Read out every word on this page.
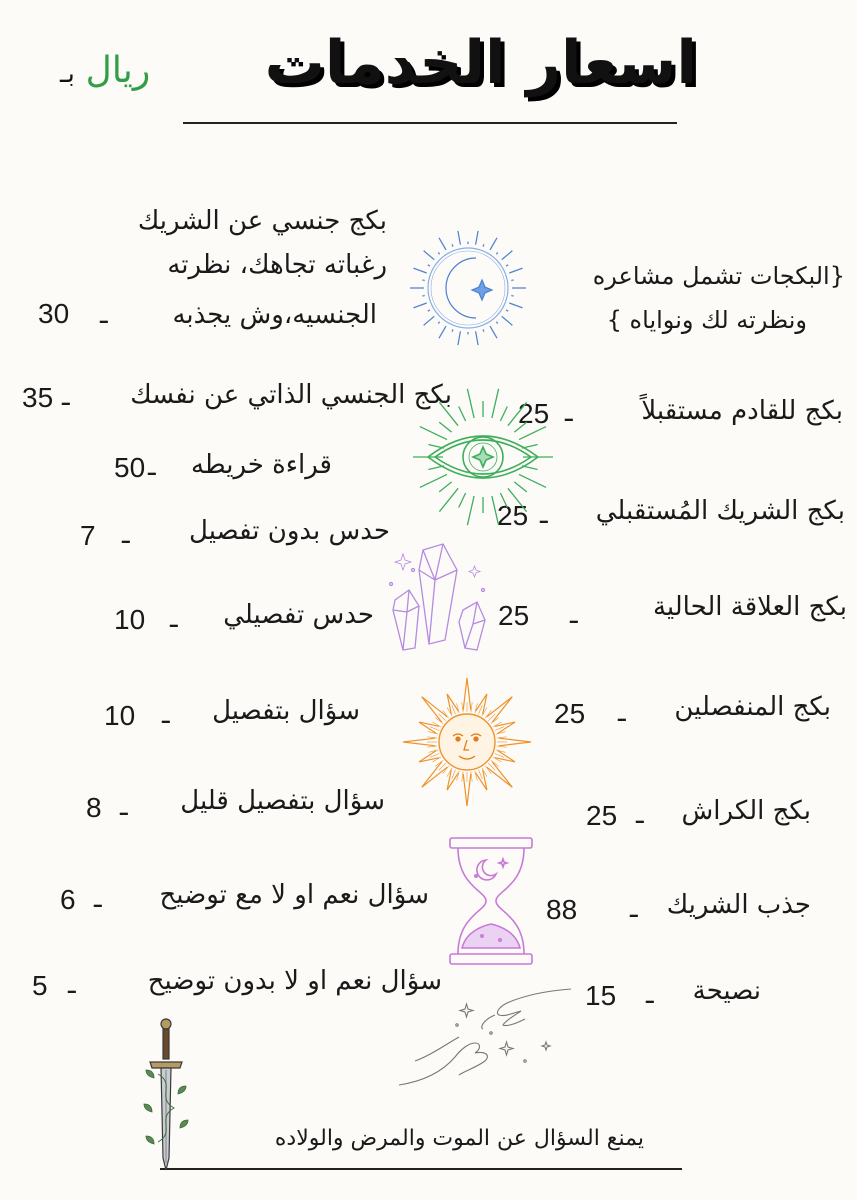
اسعار الخدمات
ريال بـ
بكج جنسي عن الشريك
رغباته تجاهك، نظرته
الجنسيه،وش يجذبه
ـ
30
بكج الجنسي الذاتي عن نفسك
ـ
35
قراءة خريطه
ـ
50
حدس بدون تفصيل
ـ
7
حدس تفصيلي
ـ
10
سؤال بتفصيل
ـ
10
سؤال بتفصيل قليل
ـ
8
سؤال نعم او لا مع توضيح
ـ
6
سؤال نعم او لا بدون توضيح
ـ
5
{البكجات تشمل مشاعره
ونظرته لك ونواياه }
بكج للقادم مستقبلاً
ـ
25
بكج الشريك المُستقبلي
ـ
25
بكج العلاقة الحالية
ـ
25
بكج المنفصلين
ـ
25
بكج الكراش
ـ
25
جذب الشريك
ـ
88
نصيحة
ـ
15
يمنع السؤال عن الموت والمرض والولاده
